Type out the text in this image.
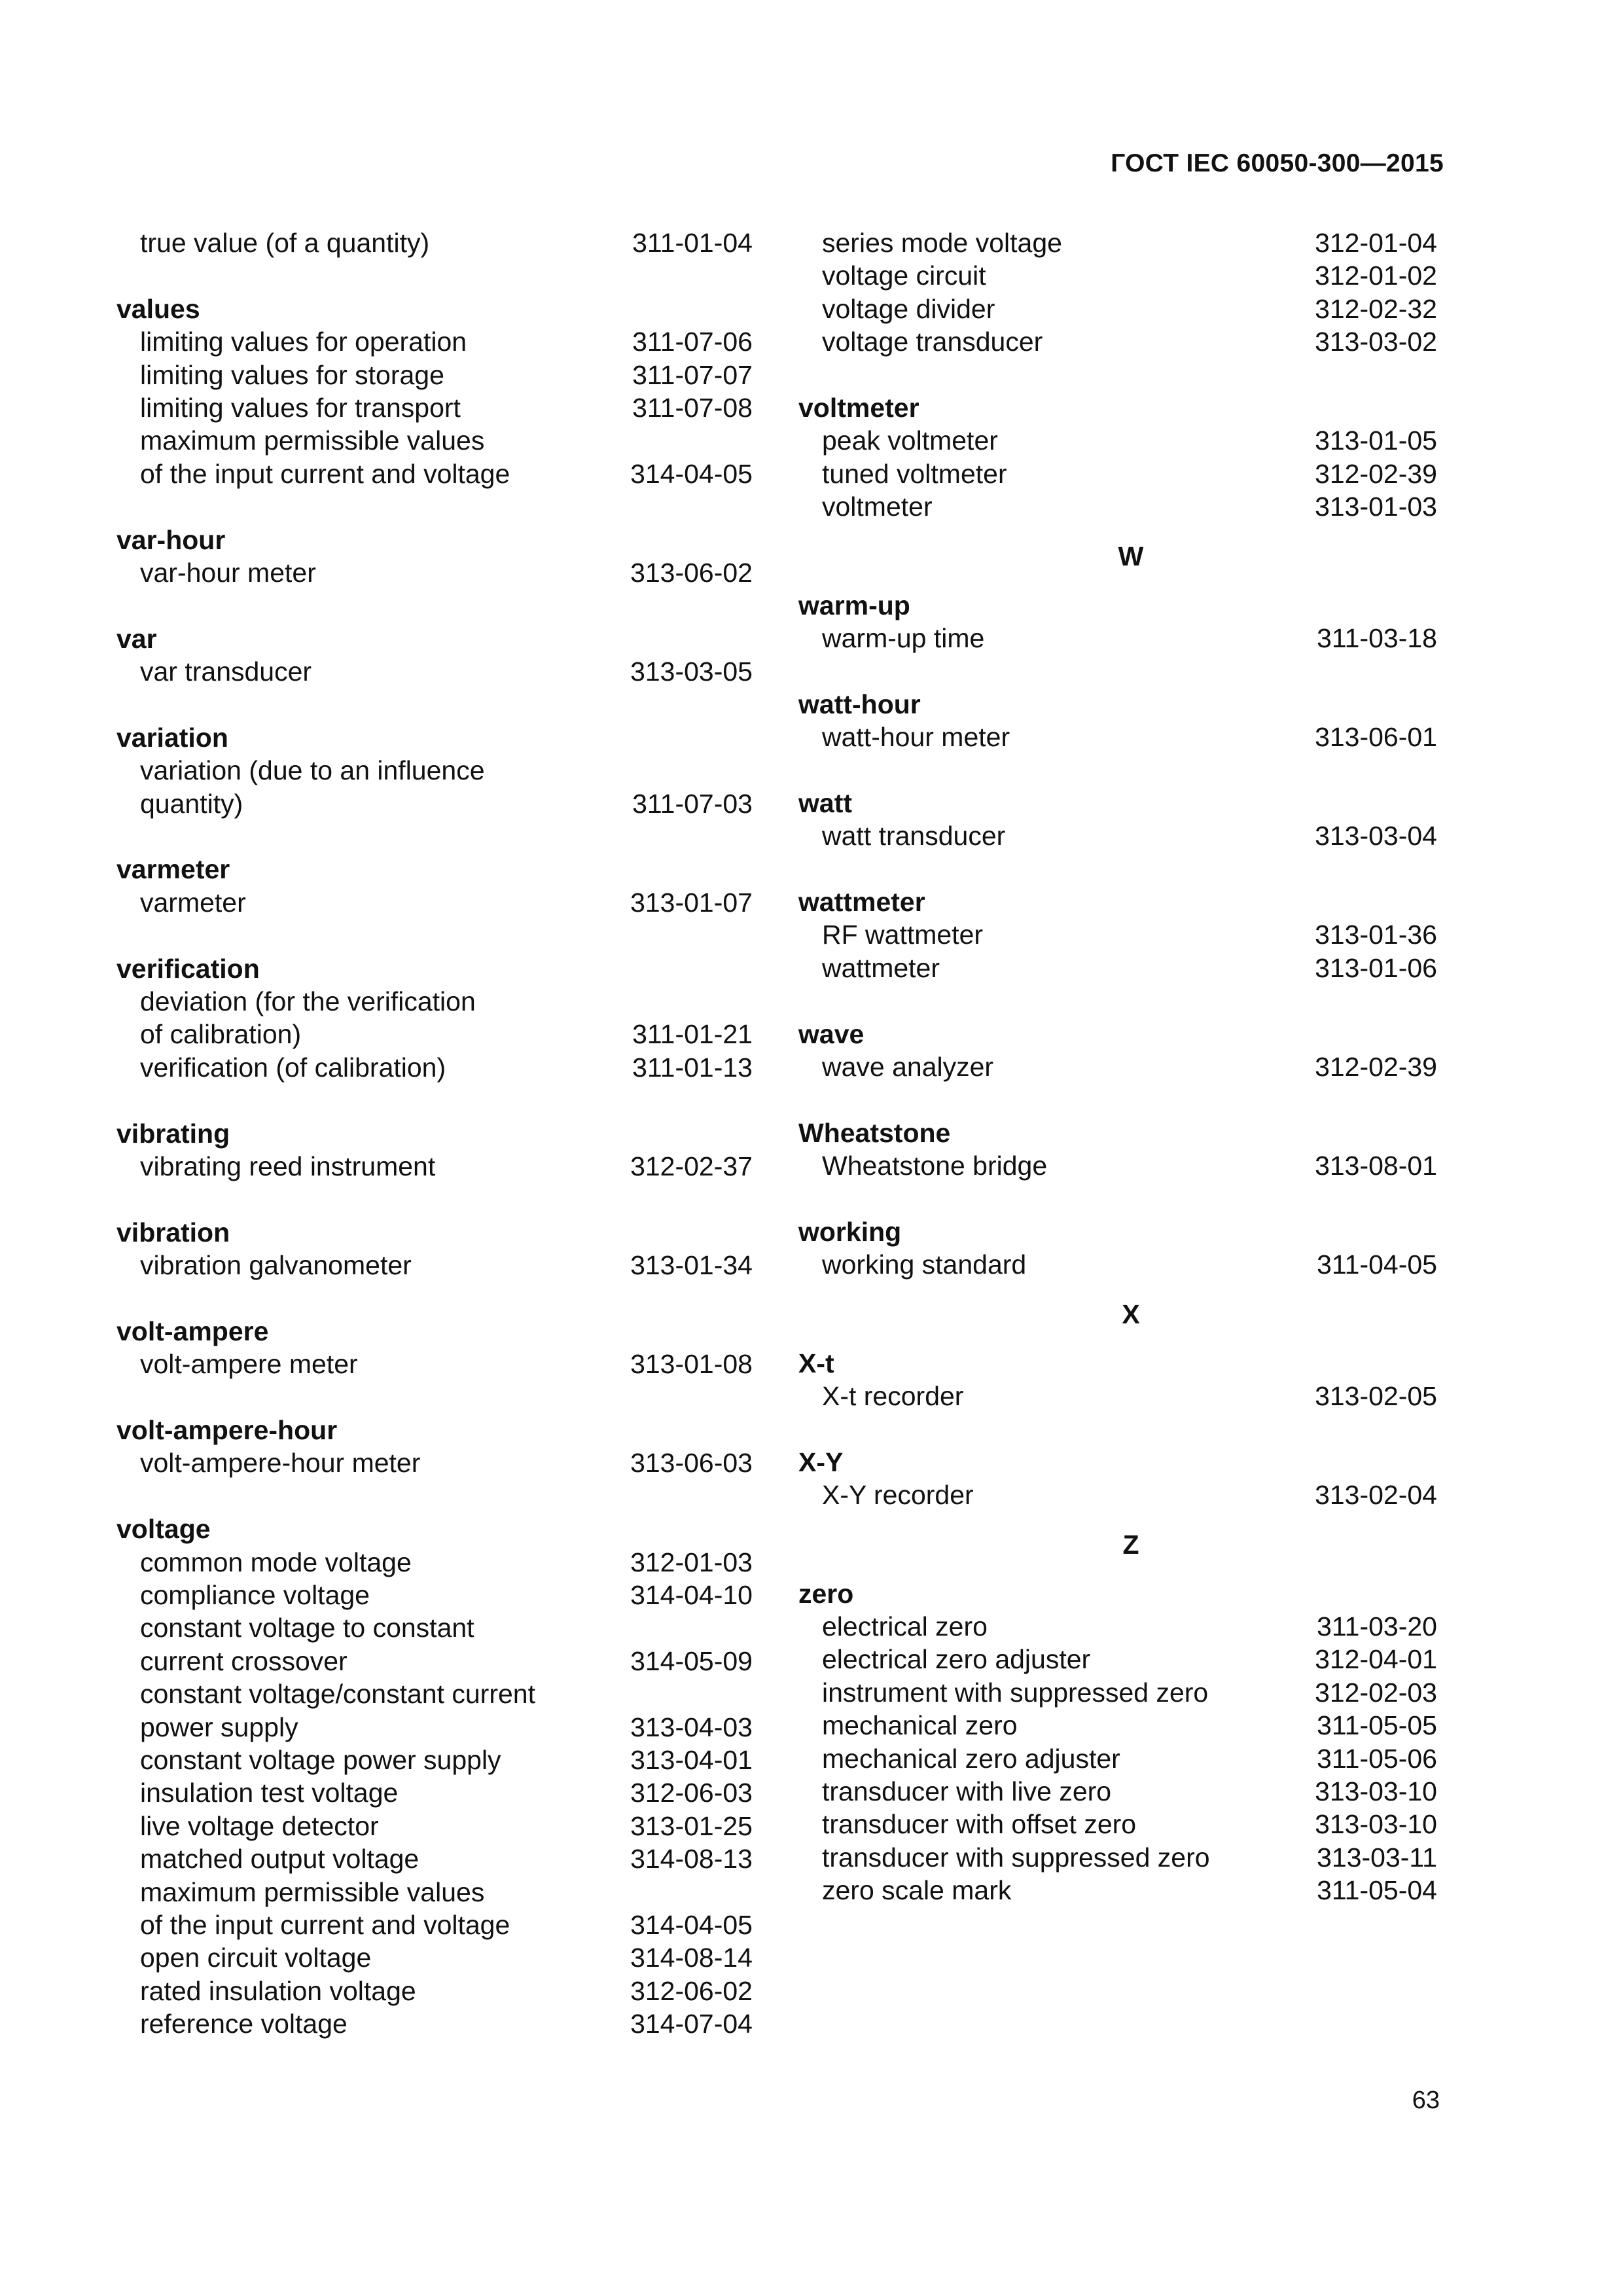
ГОСТ IEC 60050-300—2015
true value (of a quantity)	311-01-04
values
limiting values for operation	311-07-06
limiting values for storage	311-07-07
limiting values for transport	311-07-08
maximum permissible values
of the input current and voltage	314-04-05
var-hour
var-hour meter	313-06-02
var
var transducer	313-03-05
variation
variation (due to an influence
quantity)	311-07-03
varmeter
varmeter	313-01-07
verification
deviation (for the verification
of calibration)	311-01-21
verification (of calibration)	311-01-13
vibrating
vibrating reed instrument	312-02-37
vibration
vibration galvanometer	313-01-34
volt-ampere
volt-ampere meter	313-01-08
volt-ampere-hour
volt-ampere-hour meter	313-06-03
voltage
common mode voltage	312-01-03
compliance voltage	314-04-10
constant voltage to constant
current crossover	314-05-09
constant voltage/constant current
power supply	313-04-03
constant voltage power supply	313-04-01
insulation test voltage	312-06-03
live voltage detector	313-01-25
matched output voltage	314-08-13
maximum permissible values
of the input current and voltage	314-04-05
open circuit voltage	314-08-14
rated insulation voltage	312-06-02
reference voltage	314-07-04
series mode voltage	312-01-04
voltage circuit	312-01-02
voltage divider	312-02-32
voltage transducer	313-03-02
voltmeter
peak voltmeter	313-01-05
tuned voltmeter	312-02-39
voltmeter	313-01-03
W
warm-up
warm-up time	311-03-18
watt-hour
watt-hour meter	313-06-01
watt
watt transducer	313-03-04
wattmeter
RF wattmeter	313-01-36
wattmeter	313-01-06
wave
wave analyzer	312-02-39
Wheatstone
Wheatstone bridge	313-08-01
working
working standard	311-04-05
X
X-t
X-t recorder	313-02-05
X-Y
X-Y recorder	313-02-04
Z
zero
electrical zero	311-03-20
electrical zero adjuster	312-04-01
instrument with suppressed zero	312-02-03
mechanical zero	311-05-05
mechanical zero adjuster	311-05-06
transducer with live zero	313-03-10
transducer with offset zero	313-03-10
transducer with suppressed zero	313-03-11
zero scale mark	311-05-04
63
